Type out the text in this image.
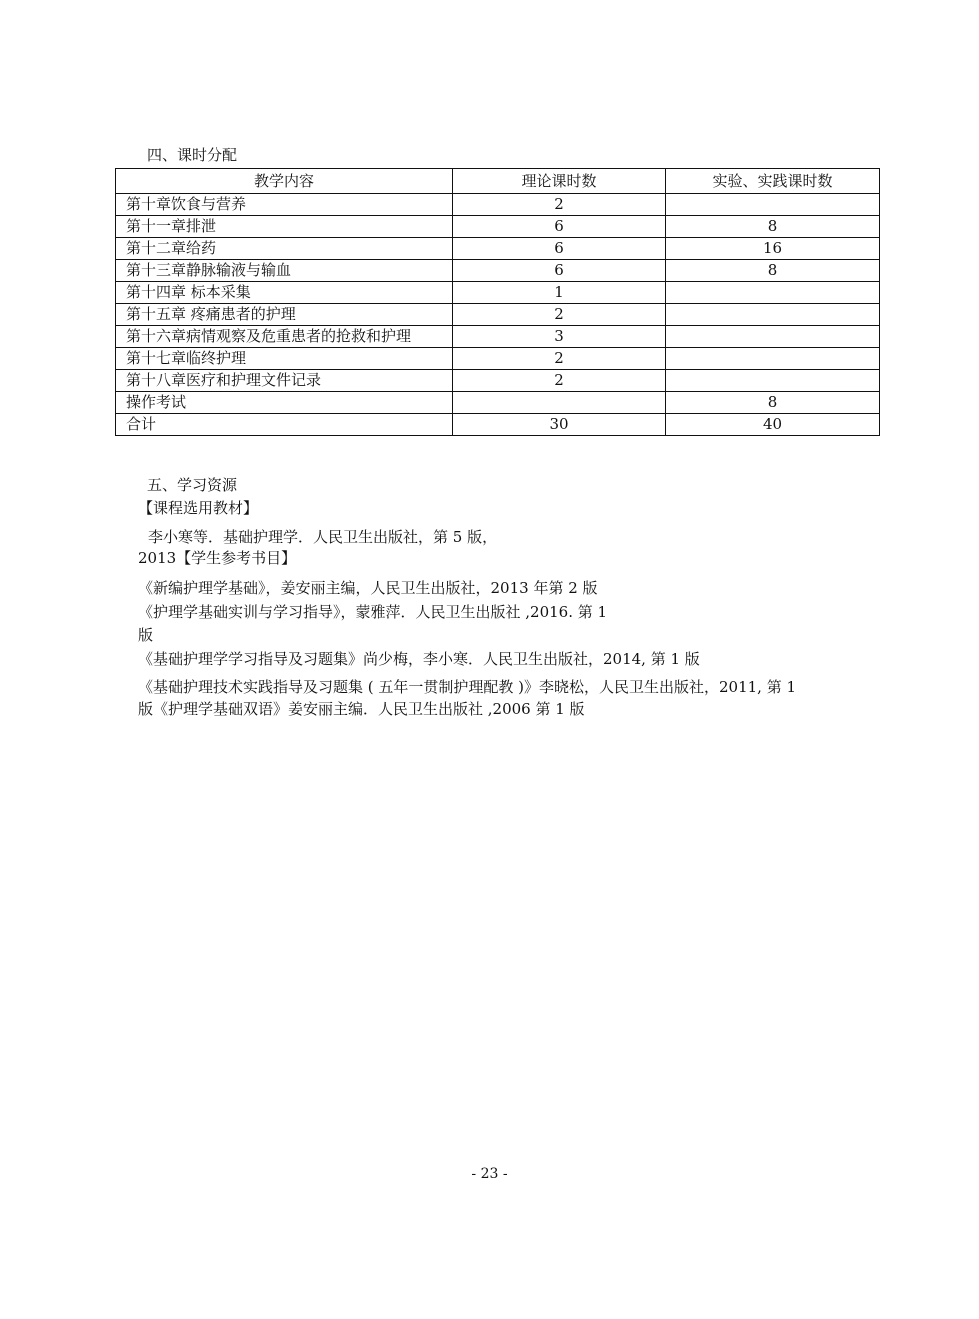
四、课时分配
教学内容	理论课时数	实验、实践课时数
第十章饮食与营养	2	
第十一章排泄	6	8
第十二章给药	6	16
第十三章静脉输液与输血	6	8
第十四章 标本采集	1	
第十五章 疼痛患者的护理	2	
第十六章病情观察及危重患者的抢救和护理	3	
第十七章临终护理	2	
第十八章医疗和护理文件记录	2	
操作考试		8
合计	30	40
五、学习资源
【课程选用教材】
李小寒等．基础护理学．人民卫生出版社，第 5 版，
2013【学生参考书目】
《新编护理学基础》，姜安丽主编，人民卫生出版社，2013 年第 2 版
《护理学基础实训与学习指导》，蒙雅萍．人民卫生出版社 ,2016. 第 1
版
《基础护理学学习指导及习题集》尚少梅，李小寒．人民卫生出版社，2014, 第 1 版
《基础护理技术实践指导及习题集 ( 五年一贯制护理配教 )》李晓松，人民卫生出版社，2011, 第 1
版《护理学基础双语》姜安丽主编．人民卫生出版社 ,2006 第 1 版
- 23 -
